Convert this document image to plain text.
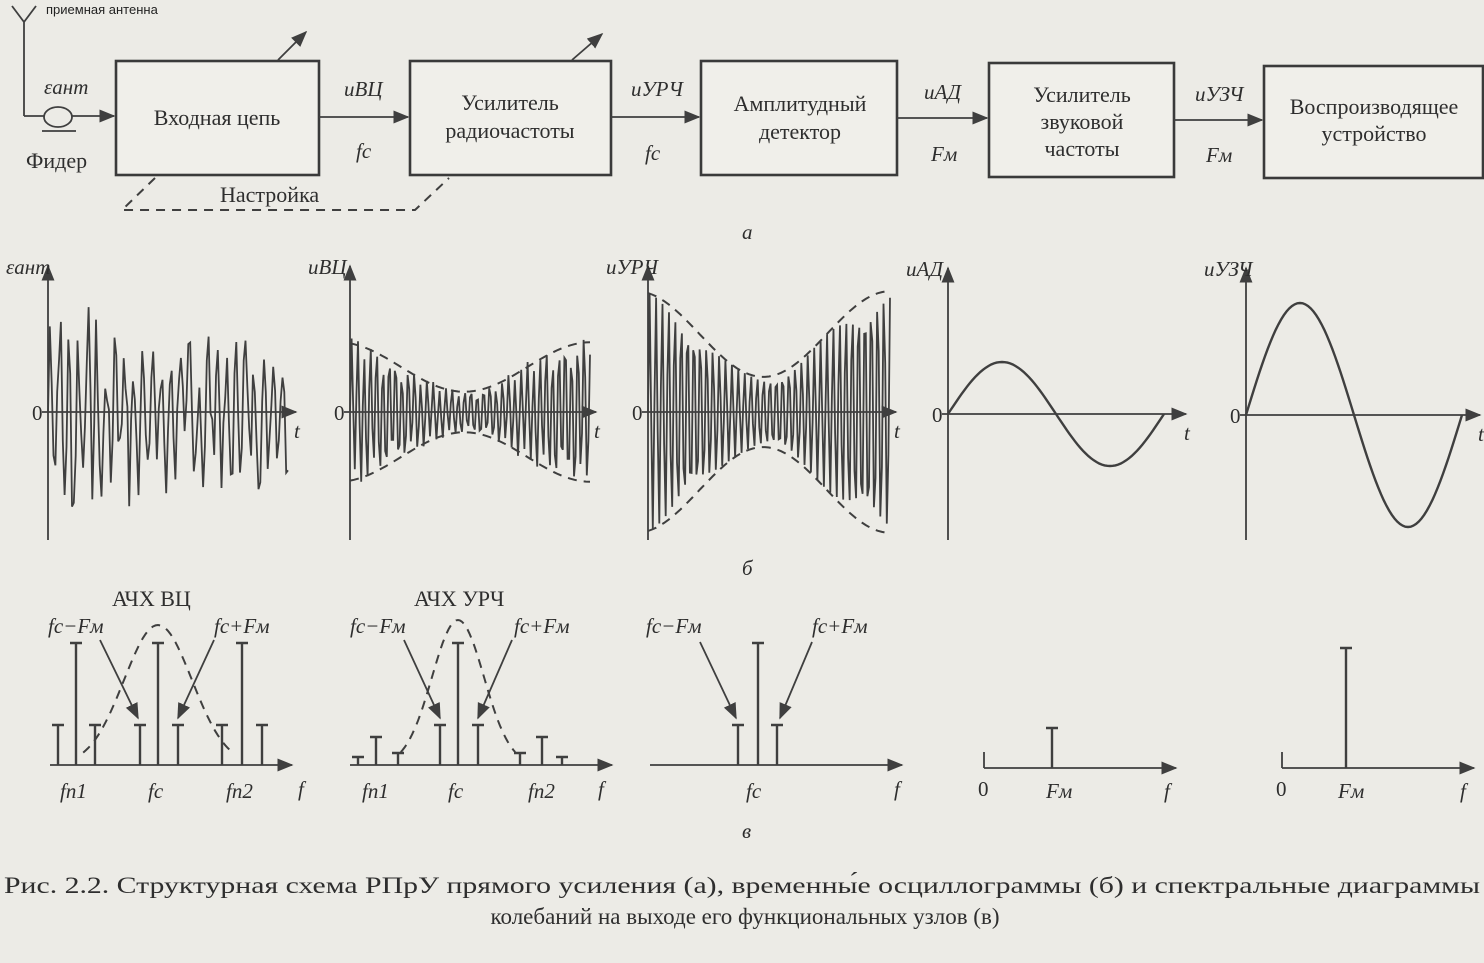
приемная антенна
εант
Фидер
Входная цепь
Усилитель
радиочастоты
Амплитудный
детектор
Усилитель
звуковой
частоты
Воспроизводящее
устройство
uВЦ
fc
uУРЧ
fc
uАД
Fм
uУЗЧ
Fм
Настройка
а
εант
0
t
uВЦ
0
t
uУРЧ
0
t
uАД
0
t
uУЗЧ
0
t
б
АЧХ ВЦ
fc−Fм	fc+Fм
fп1	fc	fп2 f
АЧХ УРЧ
fc−Fм	fc+Fм
fп1	fc	fп2 f
fc−Fм	fc+Fм
fc	f	0	Fм	f	0 Fм	f
в
Рис. 2.2. Структурная схема РПрУ прямого усиления (а), временны́е осциллограммы (б) и спектральные диаграммы
колебаний на выходе его функциональных узлов (в)
